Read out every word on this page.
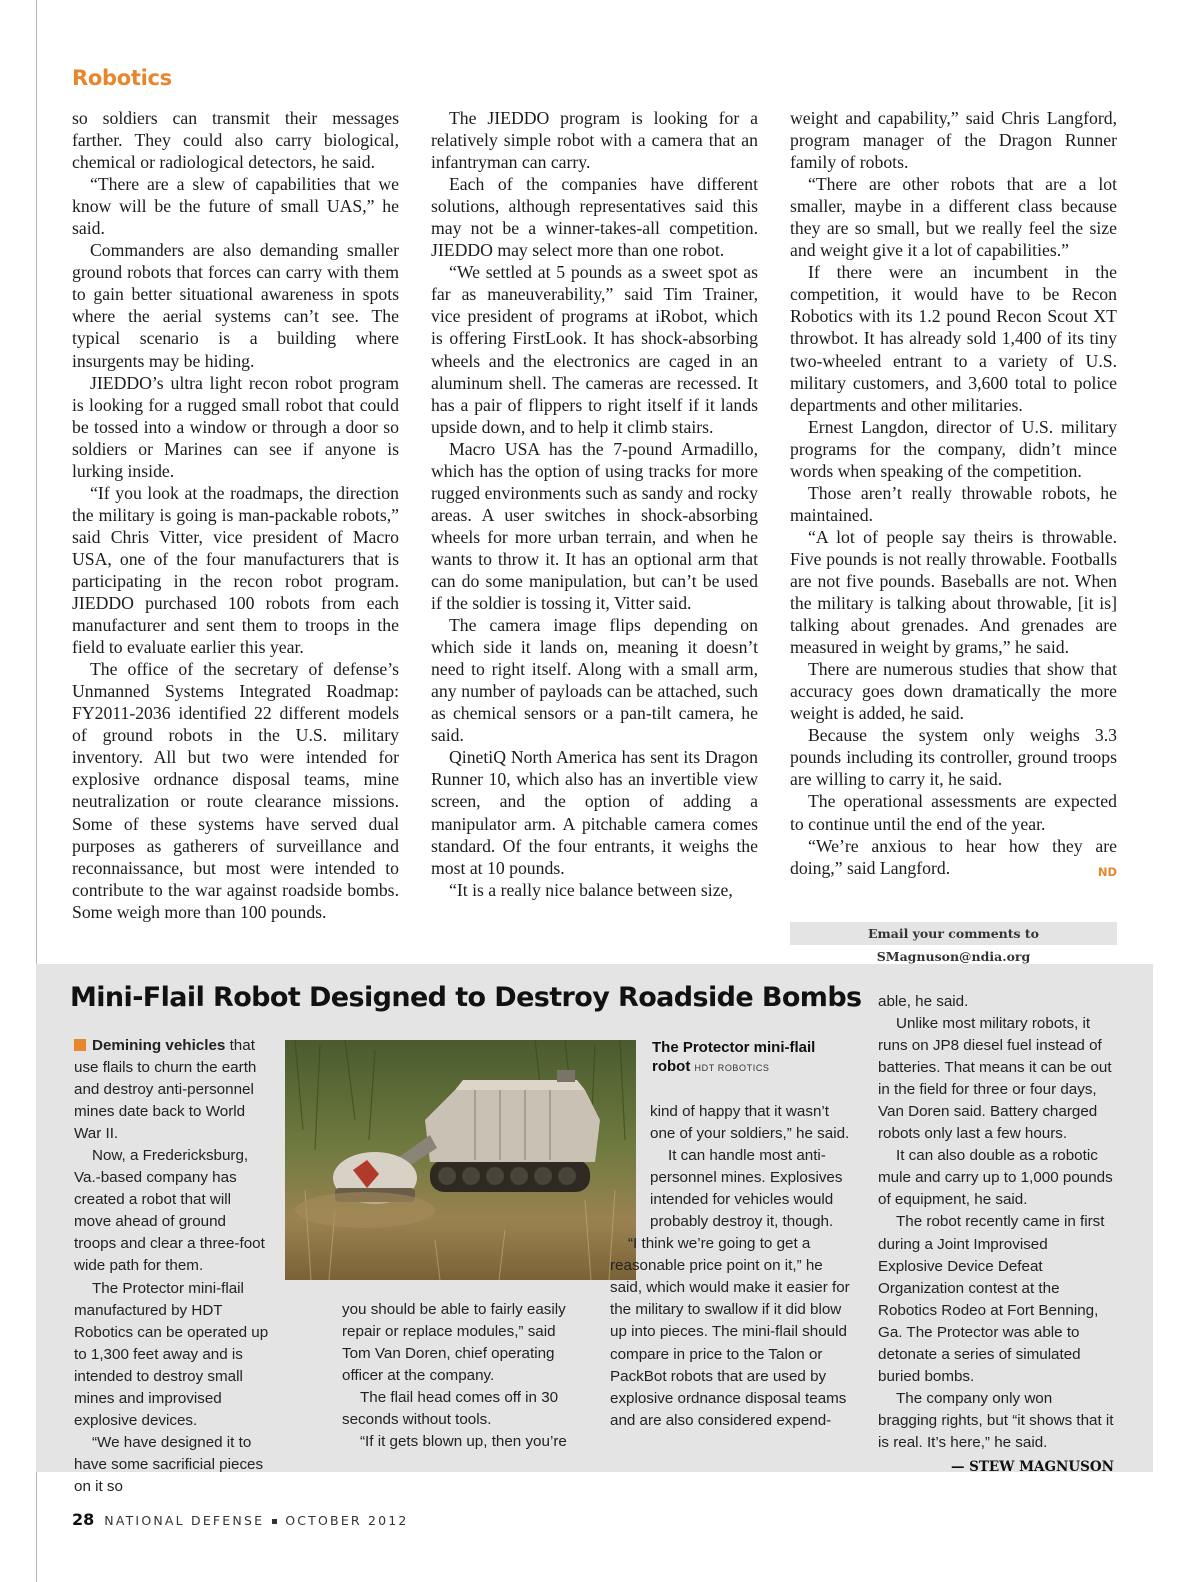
Robotics

so soldiers can transmit their messages farther. They could also carry biological, chemical or radiological detectors, he said.

“There are a slew of capabilities that we know will be the future of small UAS,” he said.

Commanders are also demanding smaller ground robots that forces can carry with them to gain better situational awareness in spots where the aerial systems can’t see. The typical scenario is a building where insurgents may be hiding.

JIEDDO’s ultra light recon robot program is looking for a rugged small robot that could be tossed into a window or through a door so soldiers or Marines can see if anyone is lurking inside.

“If you look at the roadmaps, the direction the military is going is man-packable robots,” said Chris Vitter, vice president of Macro USA, one of the four manufacturers that is participating in the recon robot program. JIEDDO purchased 100 robots from each manufacturer and sent them to troops in the field to evaluate earlier this year.

The office of the secretary of defense’s Unmanned Systems Integrated Roadmap: FY2011-2036 identified 22 different models of ground robots in the U.S. military inventory. All but two were intended for explosive ordnance disposal teams, mine neutralization or route clearance missions. Some of these systems have served dual purposes as gatherers of surveillance and reconnaissance, but most were intended to contribute to the war against roadside bombs. Some weigh more than 100 pounds.

The JIEDDO program is looking for a relatively simple robot with a camera that an infantryman can carry.

Each of the companies have different solutions, although representatives said this may not be a winner-takes-all competition. JIEDDO may select more than one robot.

“We settled at 5 pounds as a sweet spot as far as maneuverability,” said Tim Trainer, vice president of programs at iRobot, which is offering FirstLook. It has shock-absorbing wheels and the electronics are caged in an aluminum shell. The cameras are recessed. It has a pair of flippers to right itself if it lands upside down, and to help it climb stairs.

Macro USA has the 7-pound Armadillo, which has the option of using tracks for more rugged environments such as sandy and rocky areas. A user switches in shock-absorbing wheels for more urban terrain, and when he wants to throw it. It has an optional arm that can do some manipulation, but can’t be used if the soldier is tossing it, Vitter said.

The camera image flips depending on which side it lands on, meaning it doesn’t need to right itself. Along with a small arm, any number of payloads can be attached, such as chemical sensors or a pan-tilt camera, he said.

QinetiQ North America has sent its Dragon Runner 10, which also has an invertible view screen, and the option of adding a manipulator arm. A pitchable camera comes standard. Of the four entrants, it weighs the most at 10 pounds.

“It is a really nice balance between size,

weight and capability,” said Chris Langford, program manager of the Dragon Runner family of robots.

“There are other robots that are a lot smaller, maybe in a different class because they are so small, but we really feel the size and weight give it a lot of capabilities.”

If there were an incumbent in the competition, it would have to be Recon Robotics with its 1.2 pound Recon Scout XT throwbot. It has already sold 1,400 of its tiny two-wheeled entrant to a variety of U.S. military customers, and 3,600 total to police departments and other militaries.

Ernest Langdon, director of U.S. military programs for the company, didn’t mince words when speaking of the competition.

Those aren’t really throwable robots, he maintained.

“A lot of people say theirs is throwable. Five pounds is not really throwable. Footballs are not five pounds. Baseballs are not. When the military is talking about throwable, [it is] talking about grenades. And grenades are measured in weight by grams,” he said.

There are numerous studies that show that accuracy goes down dramatically the more weight is added, he said.

Because the system only weighs 3.3 pounds including its controller, ground troops are willing to carry it, he said.

The operational assessments are expected to continue until the end of the year.

“We’re anxious to hear how they are doing,” said Langford.	ND

Email your comments to SMagnuson@ndia.org
Mini-Flail Robot Designed to Destroy Roadside Bombs

Demining vehicles that use flails to churn the earth and destroy anti-personnel mines date back to World War II.

Now, a Fredericksburg, Va.-based company has created a robot that will move ahead of ground troops and clear a three-foot wide path for them.

The Protector mini-flail manufactured by HDT Robotics can be operated up to 1,300 feet away and is intended to destroy small mines and improvised explosive devices.

“We have designed it to have some sacrificial pieces on it so

The Protector mini-flail robot HDT ROBOTICS

you should be able to fairly easily repair or replace modules,” said Tom Van Doren, chief operating officer at the company.

The flail head comes off in 30 seconds without tools.

“If it gets blown up, then you’re

kind of happy that it wasn’t one of your soldiers,” he said.

It can handle most anti-personnel mines. Explosives intended for vehicles would probably destroy it, though.

“I think we’re going to get a reasonable price point on it,” he said, which would make it easier for the military to swallow if it did blow up into pieces. The mini-flail should compare in price to the Talon or PackBot robots that are used by explosive ordnance disposal teams and are also considered expend-

able, he said.

Unlike most military robots, it runs on JP8 diesel fuel instead of batteries. That means it can be out in the field for three or four days, Van Doren said. Battery charged robots only last a few hours.

It can also double as a robotic mule and carry up to 1,000 pounds of equipment, he said.

The robot recently came in first during a Joint Improvised Explosive Device Defeat Organization contest at the Robotics Rodeo at Fort Benning, Ga. The Protector was able to detonate a series of simulated buried bombs.

The company only won bragging rights, but “it shows that it is real. It’s here,” he said.

— STEW MAGNUSON
28 NATIONAL DEFENSE OCTOBER 2012
